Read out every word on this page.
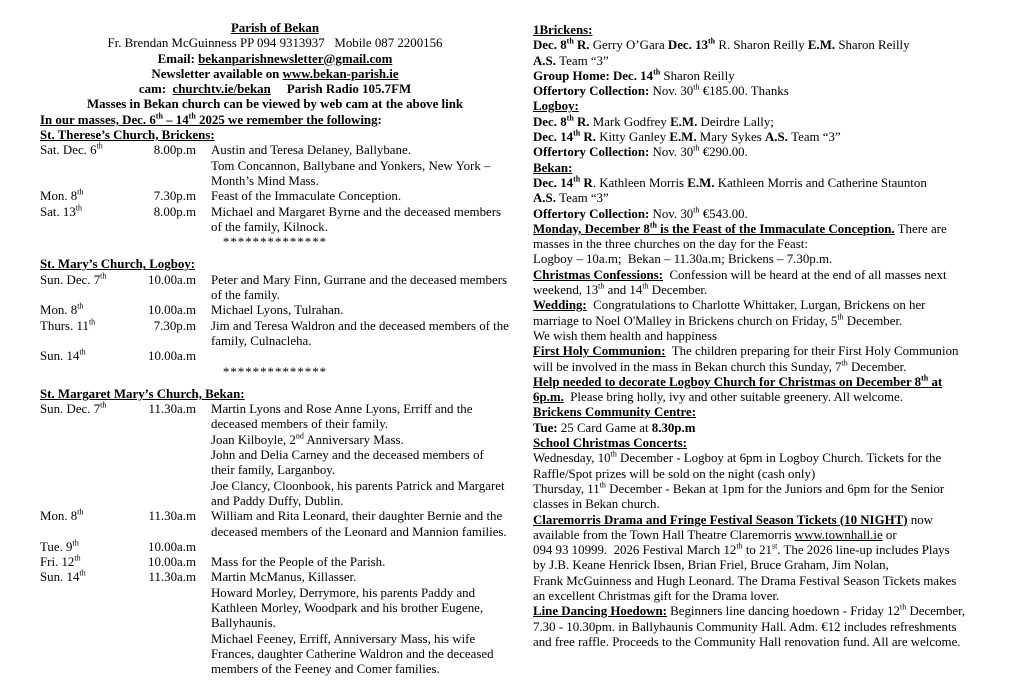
Parish of Bekan
Fr. Brendan McGuinness PP 094 9313937   Mobile 087 2200156
Email: bekanparishnewsletter@gmail.com
Newsletter available on www.bekan-parish.ie
cam:  churchtv.ie/bekan     Parish Radio 105.7FM
Masses in Bekan church can be viewed by web cam at the above link
In our masses, Dec. 6th – 14th 2025 we remember the following:
St. Therese’s Church, Brickens:
Sat. Dec. 6th	8.00p.m	Austin and Teresa Delaney, Ballybane.
Tom Concannon, Ballybane and Yonkers, New York – Month’s Mind Mass.
Mon. 8th	7.30p.m	Feast of the Immaculate Conception.
Sat. 13th	8.00p.m	Michael and Margaret Byrne and the deceased members of the family, Kilnock.
**************
St. Mary’s Church, Logboy:
Sun. Dec. 7th	10.00a.m	Peter and Mary Finn, Gurrane and the deceased members of the family.
Mon. 8th	10.00a.m	Michael Lyons, Tulrahan.
Thurs. 11th	7.30p.m	Jim and Teresa Waldron and the deceased members of the family, Culnacleha.
Sun. 14th	10.00a.m
**************
St. Margaret Mary’s Church, Bekan:
Sun. Dec. 7th	11.30a.m	Martin Lyons and Rose Anne Lyons, Erriff and the deceased members of their family.
Joan Kilboyle, 2nd Anniversary Mass.
John and Delia Carney and the deceased members of their family, Larganboy.
Joe Clancy, Cloonbook, his parents Patrick and Margaret and Paddy Duffy, Dublin.
Mon. 8th	11.30a.m	William and Rita Leonard, their daughter Bernie and the deceased members of the Leonard and Mannion families.
Tue. 9th	10.00a.m
Fri. 12th	10.00a.m	Mass for the People of the Parish.
Sun. 14th	11.30a.m	Martin McManus, Killasser.
Howard Morley, Derrymore, his parents Paddy and Kathleen Morley, Woodpark and his brother Eugene, Ballyhaunis.
Michael Feeney, Erriff, Anniversary Mass, his wife Frances, daughter Catherine Waldron and the deceased members of the Feeney and Comer families.

1Brickens:

Dec. 8th R. Gerry O’Gara Dec. 13th R. Sharon Reilly E.M. Sharon Reilly

A.S. Team “3”

Group Home: Dec. 14th Sharon Reilly

Offertory Collection: Nov. 30th €185.00. Thanks

Logboy:

Dec. 8th R. Mark Godfrey E.M. Deirdre Lally;

Dec. 14th R. Kitty Ganley E.M. Mary Sykes A.S. Team “3”

Offertory Collection: Nov. 30th €290.00.

Bekan:

Dec. 14th R. Kathleen Morris E.M. Kathleen Morris and Catherine Staunton

A.S. Team “3”

Offertory Collection: Nov. 30th €543.00.

Monday, December 8th is the Feast of the Immaculate Conception. There are
masses in the three churches on the day for the Feast:

Logboy – 10a.m;  Bekan – 11.30a.m; Brickens – 7.30p.m.

Christmas Confessions:  Confession will be heard at the end of all masses next
weekend, 13th and 14th December.

Wedding:  Congratulations to Charlotte Whittaker, Lurgan, Brickens on her
marriage to Noel O'Malley in Brickens church on Friday, 5th December.

We wish them health and happiness

First Holy Communion:  The children preparing for their First Holy Communion
will be involved in the mass in Bekan church this Sunday, 7th December.

Help needed to decorate Logboy Church for Christmas on December 8th at
6p.m.  Please bring holly, ivy and other suitable greenery. All welcome.

Brickens Community Centre:

Tue: 25 Card Game at 8.30p.m

School Christmas Concerts:

Wednesday, 10th December - Logboy at 6pm in Logboy Church. Tickets for the
Raffle/Spot prizes will be sold on the night (cash only)

Thursday, 11th December - Bekan at 1pm for the Juniors and 6pm for the Senior
classes in Bekan church.

Claremorris Drama and Fringe Festival Season Tickets (10 NIGHT) now
available from the Town Hall Theatre Claremorris www.townhall.ie or
094 93 10999.  2026 Festival March 12th to 21st. The 2026 line-up includes Plays
by J.B. Keane Henrick Ibsen, Brian Friel, Bruce Graham, Jim Nolan,
Frank McGuinness and Hugh Leonard. The Drama Festival Season Tickets makes
an excellent Christmas gift for the Drama lover.

Line Dancing Hoedown: Beginners line dancing hoedown - Friday 12th December,
7.30 - 10.30pm. in Ballyhaunis Community Hall. Adm. €12 includes refreshments
and free raffle. Proceeds to the Community Hall renovation fund. All are welcome.
